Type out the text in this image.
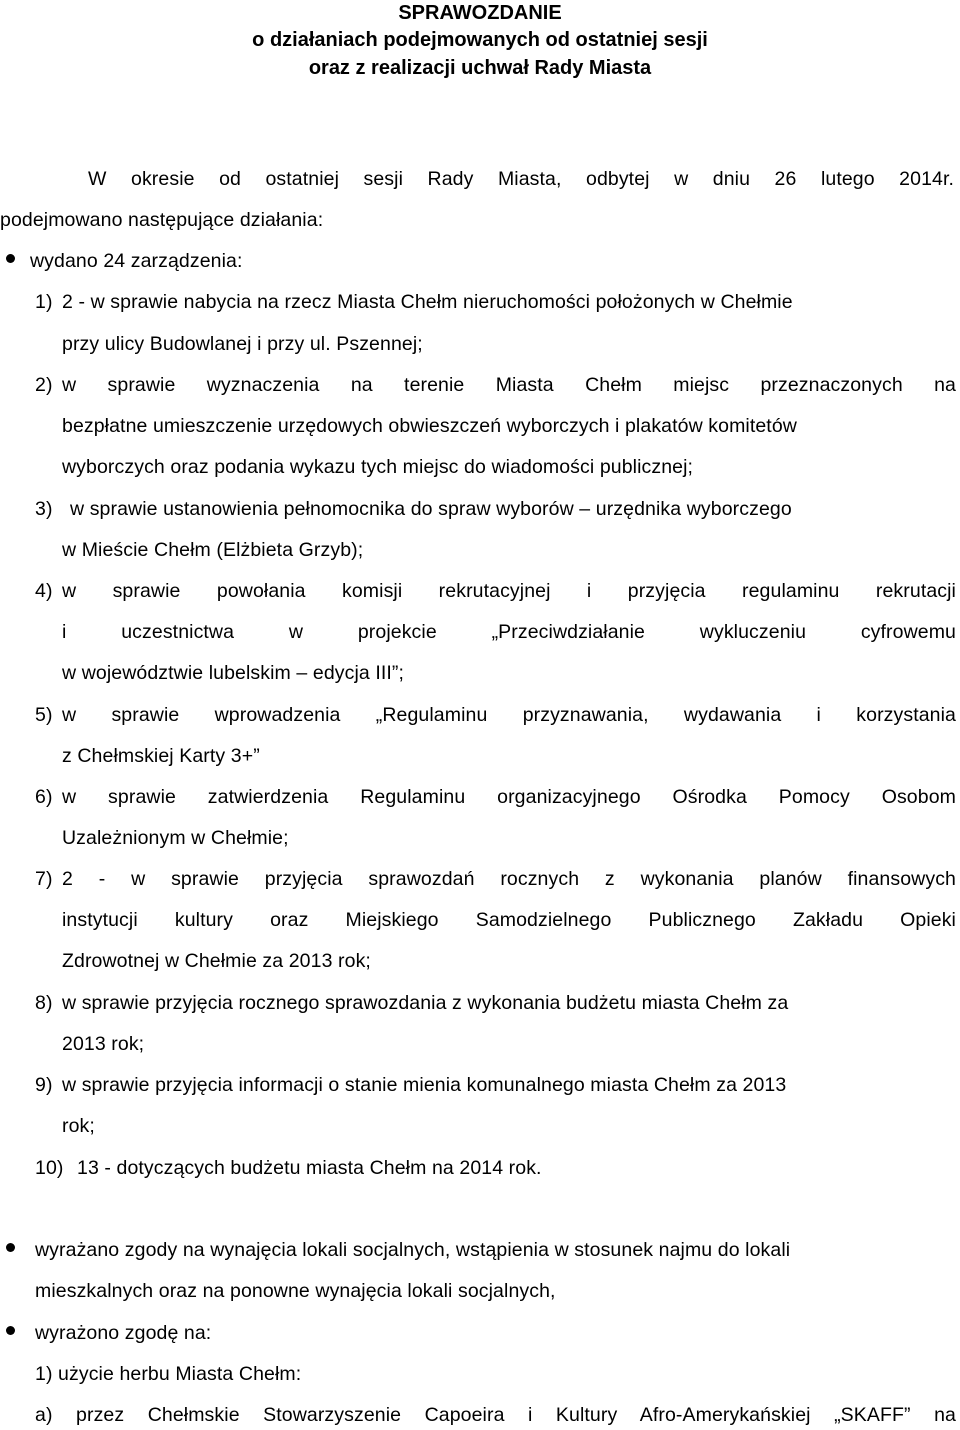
SPRAWOZDANIE
o działaniach podejmowanych od ostatniej sesji
oraz z realizacji uchwał Rady Miasta
W okresie od ostatniej sesji Rady Miasta, odbytej w dniu 26 lutego 2014r.
podejmowano następujące działania:
wydano 24 zarządzenia:
1) 2 - w sprawie nabycia na rzecz Miasta Chełm nieruchomości położonych w Chełmie
przy ulicy Budowlanej i przy ul. Pszennej;
2) w sprawie wyznaczenia na terenie Miasta Chełm miejsc przeznaczonych na
bezpłatne umieszczenie urzędowych obwieszczeń wyborczych i plakatów komitetów
wyborczych oraz podania wykazu tych miejsc do wiadomości publicznej;
3) w sprawie ustanowienia pełnomocnika do spraw wyborów – urzędnika wyborczego
w Mieście Chełm (Elżbieta Grzyb);
4) w sprawie powołania komisji rekrutacyjnej i przyjęcia regulaminu rekrutacji
i uczestnictwa w projekcie „Przeciwdziałanie wykluczeniu cyfrowemu
w województwie lubelskim – edycja III”;
5) w sprawie wprowadzenia „Regulaminu przyznawania, wydawania i korzystania
z Chełmskiej Karty 3+”
6) w sprawie zatwierdzenia Regulaminu organizacyjnego Ośrodka Pomocy Osobom
Uzależnionym w Chełmie;
7) 2 - w sprawie przyjęcia sprawozdań rocznych z wykonania planów finansowych
instytucji kultury oraz Miejskiego Samodzielnego Publicznego Zakładu Opieki
Zdrowotnej w Chełmie za 2013 rok;
8) w sprawie przyjęcia rocznego sprawozdania z wykonania budżetu miasta Chełm za
2013 rok;
9) w sprawie przyjęcia informacji o stanie mienia komunalnego miasta Chełm za 2013
rok;
10) 13 - dotyczących budżetu miasta Chełm na 2014 rok.
wyrażano zgody na wynajęcia lokali socjalnych, wstąpienia w stosunek najmu do lokali
mieszkalnych oraz na ponowne wynajęcia lokali socjalnych,
wyrażono zgodę na:
1) użycie herbu Miasta Chełm:
a) przez Chełmskie Stowarzyszenie Capoeira i Kultury Afro-Amerykańskiej „SKAFF” na
